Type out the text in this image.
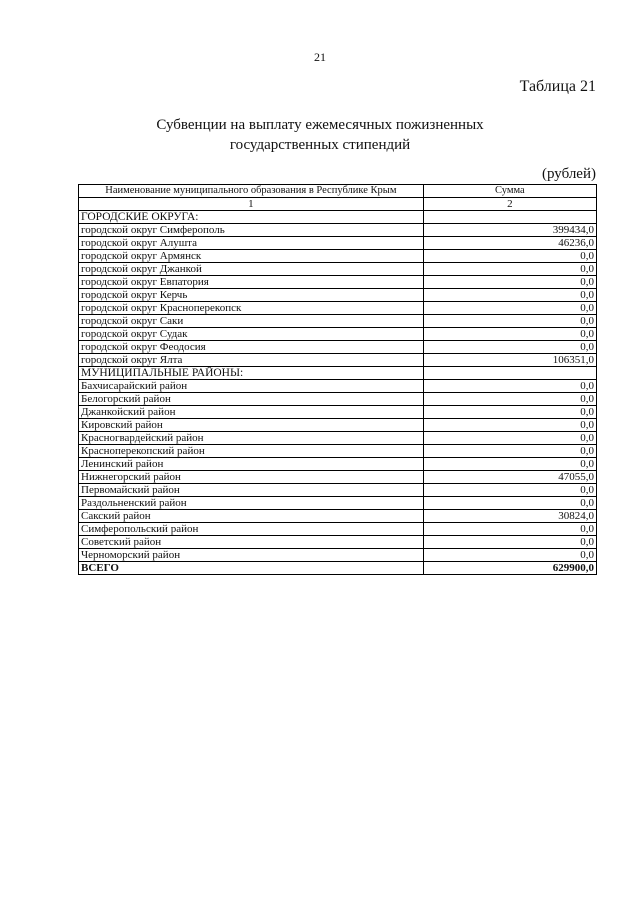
21
Таблица 21
Субвенции на выплату ежемесячных пожизненных
государственных стипендий
(рублей)
Наименование муниципального образования в Республике Крым	Сумма
1	2
ГОРОДСКИЕ ОКРУГА:	
городской округ Симферополь	399434,0
городской округ Алушта	46236,0
городской округ Армянск	0,0
городской округ Джанкой	0,0
городской округ Евпатория	0,0
городской округ Керчь	0,0
городской округ Красноперекопск	0,0
городской округ Саки	0,0
городской округ Судак	0,0
городской округ Феодосия	0,0
городской округ Ялта	106351,0
МУНИЦИПАЛЬНЫЕ РАЙОНЫ:	
Бахчисарайский район	0,0
Белогорский район	0,0
Джанкойский район	0,0
Кировский район	0,0
Красногвардейский район	0,0
Красноперекопский район	0,0
Ленинский район	0,0
Нижнегорский район	47055,0
Первомайский район	0,0
Раздольненский район	0,0
Сакский район	30824,0
Симферопольский район	0,0
Советский район	0,0
Черноморский район	0,0
ВСЕГО	629900,0
